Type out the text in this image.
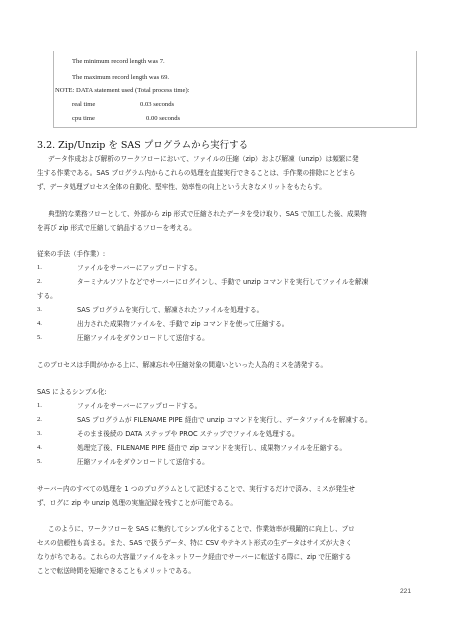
The minimum record length was 7.
The maximum record length was 69.
NOTE: DATA statement used (Total process time):
real time	0.03 seconds
cpu time	0.00 seconds
3.2. Zip/Unzip を SAS プログラムから実行する
データ作成および解析のワークフローにおいて、ファイルの圧縮（zip）および解凍（unzip）は頻繁に発
生する作業である。SAS プログラム内からこれらの処理を直接実行できることは、手作業の排除にとどまら
ず、データ処理プロセス全体の自動化、堅牢性、効率性の向上という大きなメリットをもたらす。
典型的な業務フローとして、外部から zip 形式で圧縮されたデータを受け取り、SAS で加工した後、成果物
を再び zip 形式で圧縮して納品するフローを考える。
従来の手法（手作業）:
1.	ファイルをサーバーにアップロードする。
2.	ターミナルソフトなどでサーバーにログインし、手動で unzip コマンドを実行してファイルを解凍
する。
3.	SAS プログラムを実行して、解凍されたファイルを処理する。
4.	出力された成果物ファイルを、手動で zip コマンドを使って圧縮する。
5.	圧縮ファイルをダウンロードして送信する。
このプロセスは手間がかかる上に、解凍忘れや圧縮対象の間違いといった人為的ミスを誘発する。
SAS によるシンプル化:
1.	ファイルをサーバーにアップロードする。
2.	SAS プログラムが FILENAME PIPE 経由で unzip コマンドを実行し、データファイルを解凍する。
3.	そのまま後続の DATA ステップや PROC ステップでファイルを処理する。
4.	処理完了後、FILENAME PIPE 経由で zip コマンドを実行し、成果物ファイルを圧縮する。
5.	圧縮ファイルをダウンロードして送信する。
サーバー内のすべての処理を 1 つのプログラムとして記述することで、実行するだけで済み、ミスが発生せ
ず、ログに zip や unzip 処理の実施記録を残すことが可能である。
このように、ワークフローを SAS に集約してシンプル化することで、作業効率が飛躍的に向上し、プロ
セスの信頼性も高まる。また、SAS で扱うデータ、特に CSV やテキスト形式の生データはサイズが大きく
なりがちである。これらの大容量ファイルをネットワーク経由でサーバーに転送する際に、zip で圧縮する
ことで転送時間を短縮できることもメリットである。
221
